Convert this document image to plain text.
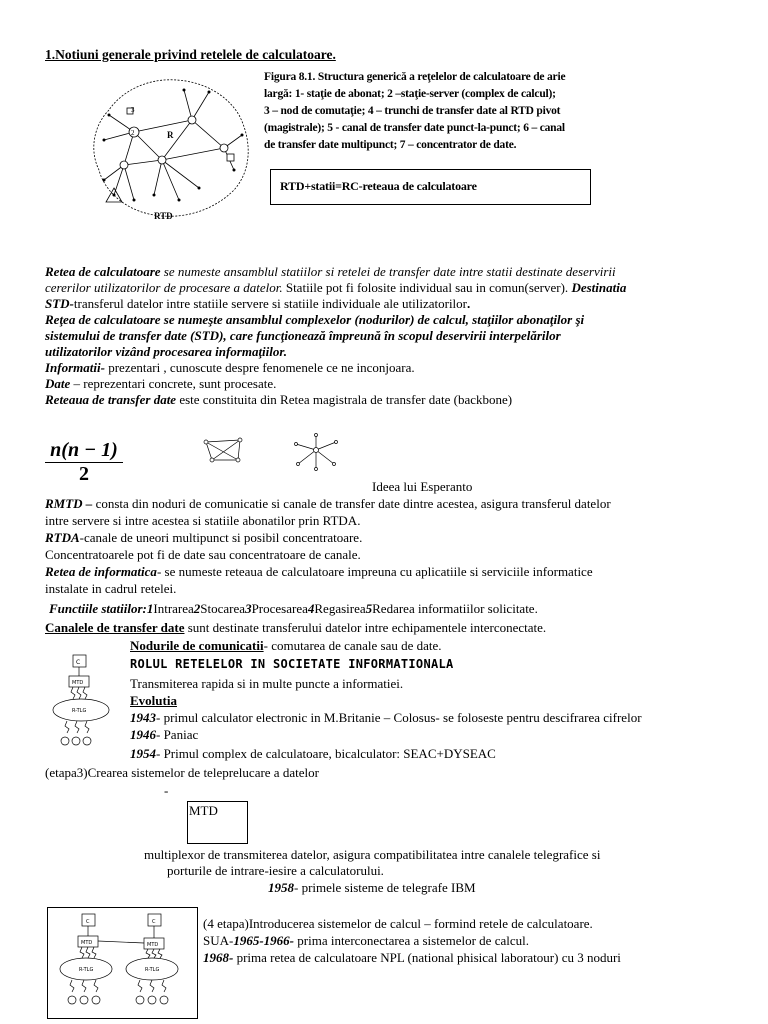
1.Notiuni generale privind retelele de calculatoare.
R
2
3
RTD
Figura 8.1. Structura generică a reţelelor de calculatoare de arie
largă: 1- staţie de abonat; 2 –staţie-server (complex de calcul);
3 – nod de comutaţie; 4 – trunchi de transfer date al RTD pivot
(magistrale); 5 - canal de transfer date punct-la-punct; 6 – canal
de transfer date multipunct; 7 – concentrator de date.
RTD+statii=RC-reteaua de calculatoare
Retea de calculatoare se numeste ansamblul statiilor si retelei de transfer date intre statii destinate deservirii
cererilor utilizatorilor de procesare a datelor. Statiile pot fi folosite individual sau in comun(server). Destinatia
STD-transferul datelor intre statiile servere si statiile individuale ale utilizatorilor.
Reţea de calculatoare se numeşte ansamblul complexelor (nodurilor) de calcul, staţiilor abonaţilor şi
sistemului de transfer date (STD), care funcţionează împreună în scopul deservirii interpelărilor
utilizatorilor vizând procesarea informaţiilor.
Informatii- prezentari , cunoscute despre fenomenele ce ne inconjoara.
Date – reprezentari concrete, sunt procesate.
Reteaua de transfer date este constituita din Retea magistrala de transfer date (backbone)
$\frac{n(n - 1)}{2}$
Ideea lui Esperanto
RMTD – consta din noduri de comunicatie si canale de transfer date dintre acestea, asigura transferul datelor
intre servere si intre acestea si statiile abonatilor prin RTDA.
RTDA-canale de uneori multipunct si posibil concentratoare.
Concentratoarele pot fi de date sau concentratoare de canale.
Retea de informatica- se numeste reteaua de calculatoare impreuna cu aplicatiile si serviciile informatice
instalate in cadrul retelei.
Functiile statiilor:1Intrarea2Stocarea3Procesarea4Regasirea5Redarea informatiilor solicitate.
Canalele de transfer date sunt destinate transferului datelor intre echipamentele interconectate.
C
MTD
R-TLG
Nodurile de comunicatii- comutarea de canale sau de date.
ROLUL RETELELOR IN SOCIETATE INFORMATIONALA
Transmiterea rapida si in multe puncte a informatiei.
Evolutia
1943- primul calculator electronic in M.Britanie – Colosus- se foloseste pentru descifrarea cifrelor
1946- Paniac
1954- Primul complex de calculatoare, bicalculator: SEAC+DYSEAC
(etapa3)Crearea sistemelor de teleprelucare a datelor
-
MTD
multiplexor de transmiterea datelor, asigura compatibilitatea intre canalele telegrafice si
porturile de intrare-iesire a calculatorului.
1958- primele sisteme de telegrafe IBM
C	C
MTD	MTD
R-TLG	R-TLG
(4 etapa)Introducerea sistemelor de calcul – formind retele de calculatoare.
SUA-1965-1966- prima interconectarea a sistemelor de calcul.
1968- prima retea de calculatoare NPL (national phisical laboratour) cu 3 noduri
